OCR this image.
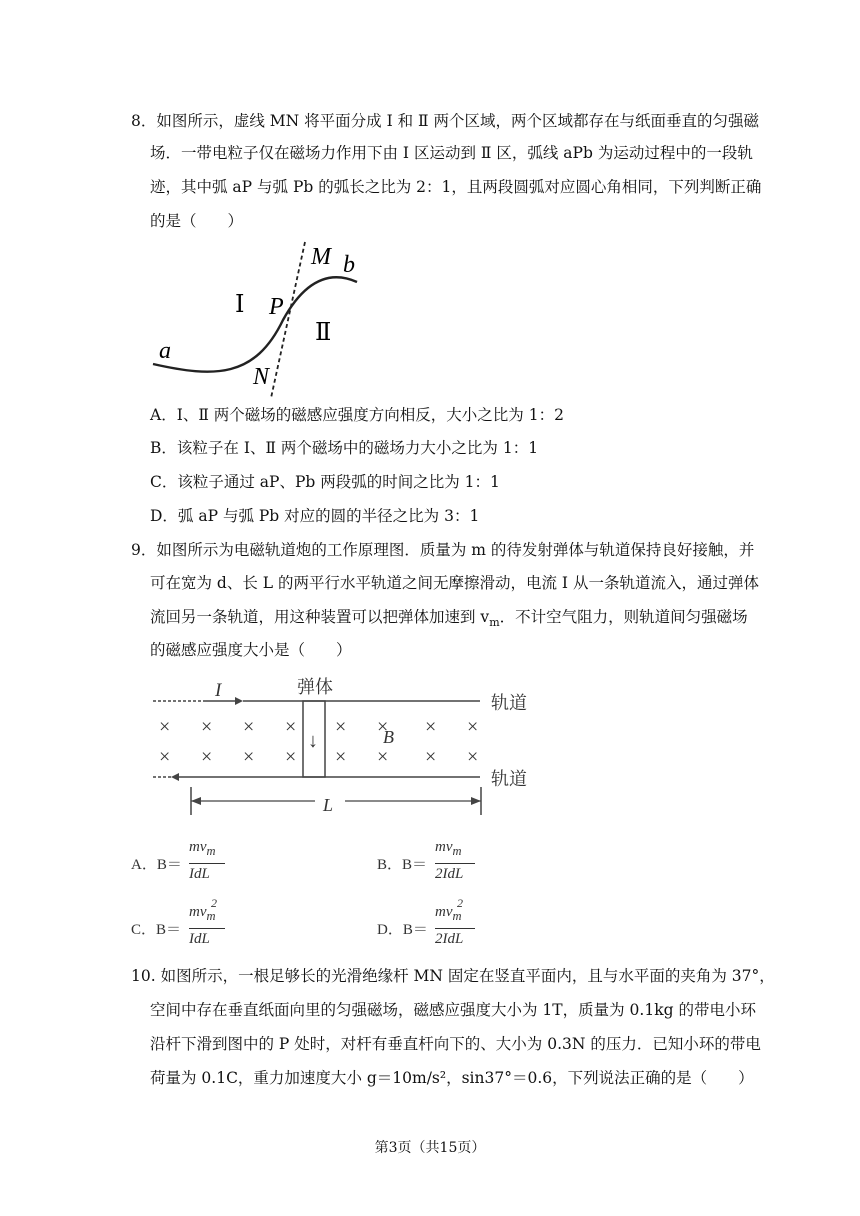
8．如图所示，虚线 MN 将平面分成 Ⅰ 和 Ⅱ 两个区域，两个区域都存在与纸面垂直的匀强磁
场．一带电粒子仅在磁场力作用下由 Ⅰ 区运动到 Ⅱ 区，弧线 aPb 为运动过程中的一段轨
迹，其中弧 aP 与弧 Pb 的弧长之比为 2：1，且两段圆弧对应圆心角相同，下列判断正确
的是（　　）
M b
Ⅰ P
Ⅱ
a
N
A．Ⅰ、Ⅱ 两个磁场的磁感应强度方向相反，大小之比为 1：2
B．该粒子在 Ⅰ、Ⅱ 两个磁场中的磁场力大小之比为 1：1
C．该粒子通过 aP、Pb 两段弧的时间之比为 1：1
D．弧 aP 与弧 Pb 对应的圆的半径之比为 3：1
9．如图所示为电磁轨道炮的工作原理图．质量为 m 的待发射弹体与轨道保持良好接触，并
可在宽为 d、长 L 的两平行水平轨道之间无摩擦滑动，电流 I 从一条轨道流入，通过弹体
流回另一条轨道，用这种装置可以把弹体加速到 $v_m$．不计空气阻力，则轨道间匀强磁场
的磁感应强度大小是（　　）
弹体
I
轨道
轨道
↓	B
L
× × × × × × × ×
× × × × × × × ×
A．B＝
$mv_m$
IdL
B．B＝
$mv_m$
2IdL
C．B＝
mv
2
$_m$
IdL
D．B＝
mv
2
$_m$
2IdL
10. 如图所示，一根足够长的光滑绝缘杆 MN 固定在竖直平面内，且与水平面的夹角为 37°，
空间中存在垂直纸面向里的匀强磁场，磁感应强度大小为 1T，质量为 0.1kg 的带电小环
沿杆下滑到图中的 P 处时，对杆有垂直杆向下的、大小为 0.3N 的压力．已知小环的带电
荷量为 0.1C，重力加速度大小 g＝10m/s²，sin37°＝0.6，下列说法正确的是（　　）
第3页（共15页）
